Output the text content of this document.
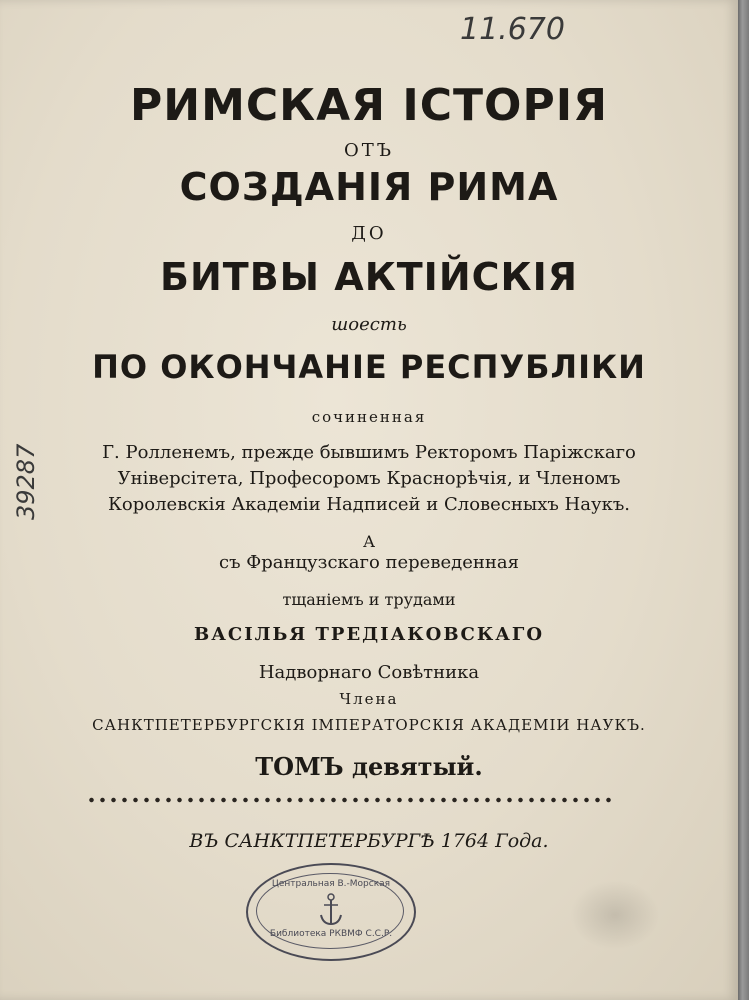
11.670
39287
РИМСКАЯ ІСТОРІЯ
ОТЪ
СОЗДАНІЯ РИМА
ДО
БИТВЫ АКТІЙСКІЯ
шоесть
ПО ОКОНЧАНІЕ РЕСПУБЛІКИ
сочиненная
Г. Ролленемъ, прежде бывшимъ Ректоромъ Паріжскаго
Універсітета, Професоромъ Краснорѣчія, и Членомъ
Королевскія Академіи Надписей и Словесныхъ Наукъ.
А
съ Французскаго переведенная
тщаніемъ и трудами
ВАСІЛЬЯ ТРЕДІАКОВСКАГО
Надворнаго Совѣтника
Члена
САНКТПЕТЕРБУРГСКІЯ ІМПЕРАТОРСКІЯ АКАДЕМІИ НАУКЪ.
ТОМЪ девятый.
ВЪ САНКТПЕТЕРБУРГѢ 1764 Года.
Центральная В.-Морская
Библиотека РКВМФ С.С.Р.
